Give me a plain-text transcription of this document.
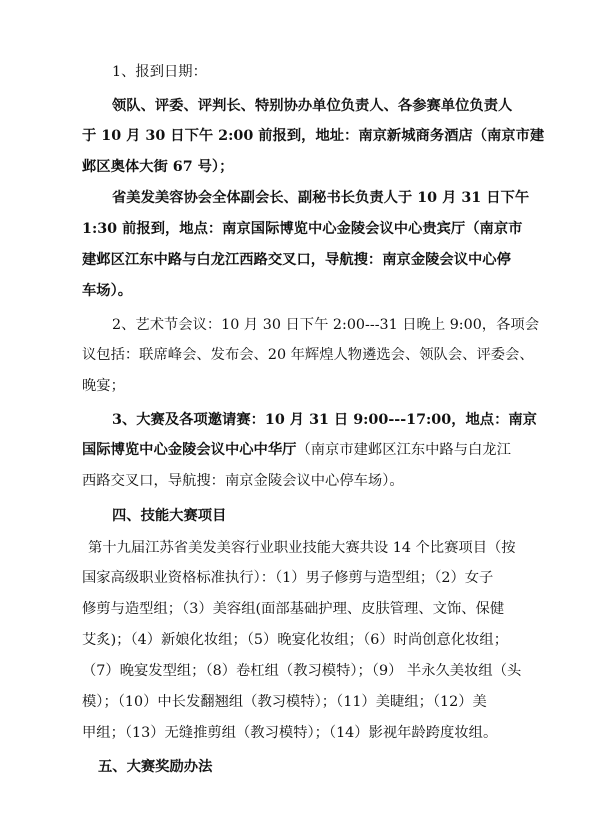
1、报到日期：
领队、评委、评判长、特别协办单位负责人、各参赛单位负责人
于 10 月 30 日下午 2:00 前报到，地址：南京新城商务酒店（南京市建
邺区奥体大街 67 号）；
省美发美容协会全体副会长、副秘书长负责人于 10 月 31 日下午
1:30 前报到，地点：南京国际博览中心金陵会议中心贵宾厅（南京市
建邺区江东中路与白龙江西路交叉口，导航搜：南京金陵会议中心停
车场）。
2、艺术节会议：10 月 30 日下午 2:00---31 日晚上 9:00，各项会
议包括：联席峰会、发布会、20 年辉煌人物遴选会、领队会、评委会、
晚宴；
3、大赛及各项邀请赛：10 月 31 日 9:00---17:00，地点：南京
国际博览中心金陵会议中心中华厅（南京市建邺区江东中路与白龙江
西路交叉口，导航搜：南京金陵会议中心停车场）。
四、技能大赛项目
第十九届江苏省美发美容行业职业技能大赛共设 14 个比赛项目（按
国家高级职业资格标准执行）：（1）男子修剪与造型组；（2）女子
修剪与造型组；（3）美容组(面部基础护理、皮肤管理、文饰、保健
艾炙)；（4）新娘化妆组；（5）晚宴化妆组；（6）时尚创意化妆组；
（7）晚宴发型组；（8）卷杠组（教习模特）；（9） 半永久美妆组（头
模）；（10）中长发翻翘组（教习模特）；（11）美睫组；（12）美
甲组；（13）无缝推剪组（教习模特）；（14）影视年龄跨度妆组。
五、大赛奖励办法
